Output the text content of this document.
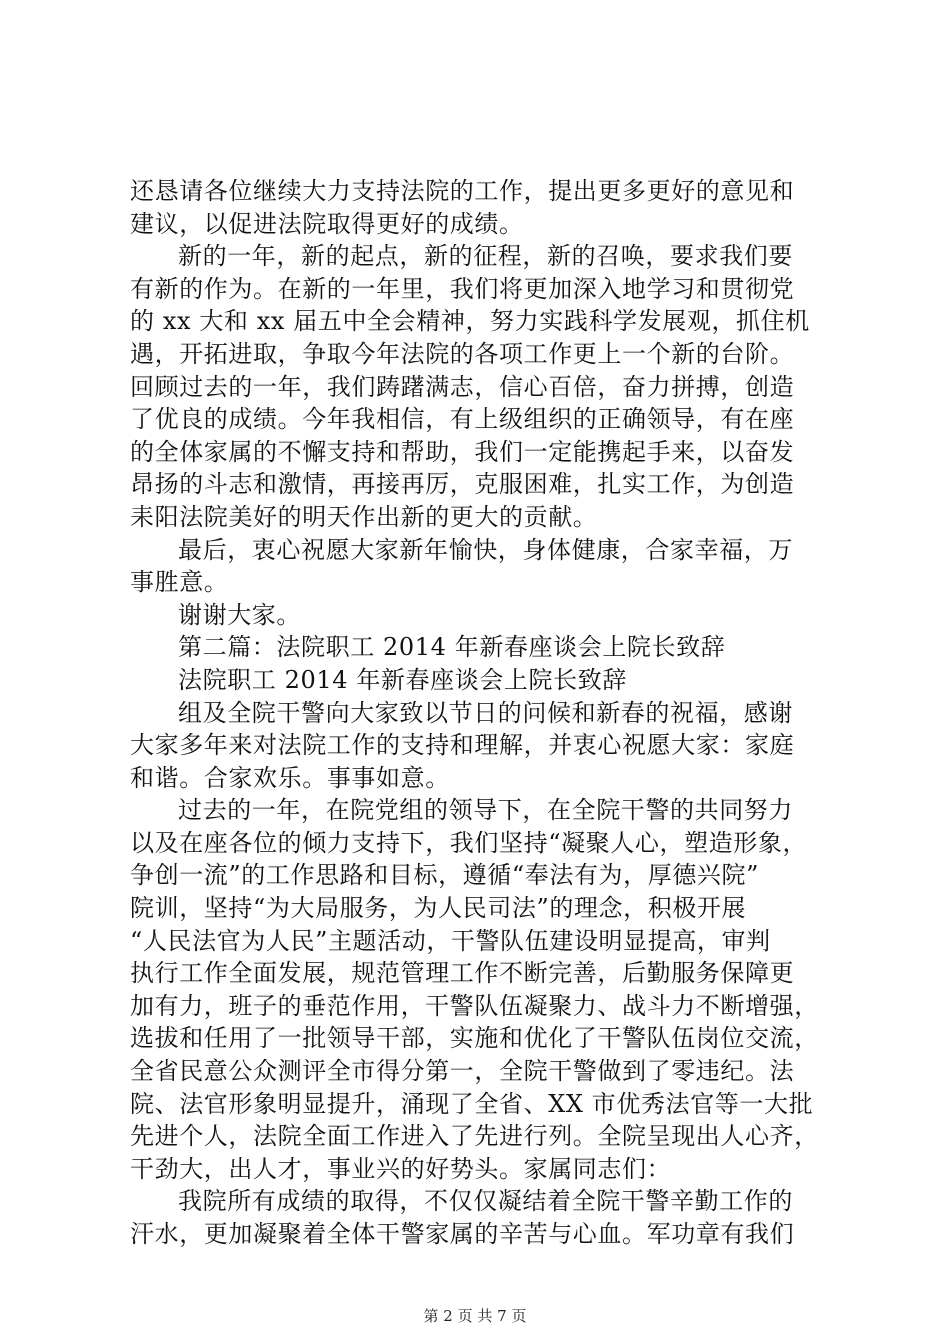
还恳请各位继续大力支持法院的工作，提出更多更好的意见和
建议，以促进法院取得更好的成绩。
新的一年，新的起点，新的征程，新的召唤，要求我们要
有新的作为。在新的一年里，我们将更加深入地学习和贯彻党
的 xx 大和 xx 届五中全会精神，努力实践科学发展观，抓住机
遇，开拓进取，争取今年法院的各项工作更上一个新的台阶。
回顾过去的一年，我们踌躇满志，信心百倍，奋力拼搏，创造
了优良的成绩。今年我相信，有上级组织的正确领导，有在座
的全体家属的不懈支持和帮助，我们一定能携起手来，以奋发
昂扬的斗志和激情，再接再厉，克服困难，扎实工作，为创造
耒阳法院美好的明天作出新的更大的贡献。
最后，衷心祝愿大家新年愉快，身体健康，合家幸福，万
事胜意。
谢谢大家。
第二篇：法院职工 2014 年新春座谈会上院长致辞
法院职工 2014 年新春座谈会上院长致辞
组及全院干警向大家致以节日的问候和新春的祝福，感谢
大家多年来对法院工作的支持和理解，并衷心祝愿大家：家庭
和谐。合家欢乐。事事如意。
过去的一年，在院党组的领导下，在全院干警的共同努力
以及在座各位的倾力支持下，我们坚持“凝聚人心，塑造形象，
争创一流”的工作思路和目标，遵循“奉法有为，厚德兴院”
院训，坚持“为大局服务，为人民司法”的理念，积极开展
“人民法官为人民”主题活动，干警队伍建设明显提高，审判
执行工作全面发展，规范管理工作不断完善，后勤服务保障更
加有力，班子的垂范作用，干警队伍凝聚力、战斗力不断增强，
选拔和任用了一批领导干部，实施和优化了干警队伍岗位交流，
全省民意公众测评全市得分第一，全院干警做到了零违纪。法
院、法官形象明显提升，涌现了全省、XX 市优秀法官等一大批
先进个人，法院全面工作进入了先进行列。全院呈现出人心齐，
干劲大，出人才，事业兴的好势头。家属同志们：
我院所有成绩的取得，不仅仅凝结着全院干警辛勤工作的
汗水，更加凝聚着全体干警家属的辛苦与心血。军功章有我们
第 2 页 共 7 页
